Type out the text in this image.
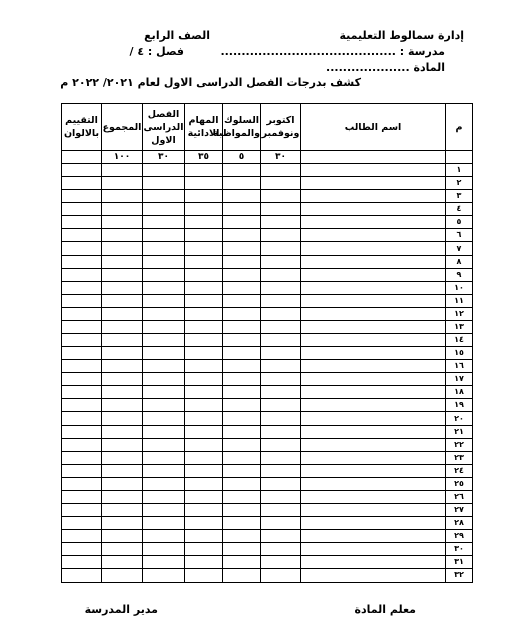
إدارة سمالوط التعليمية
مدرسة : ..........................................
المادة ....................
الصف الرابع
فصل : ٤ /
كشف بدرجات الفصل الدراسى الاول لعام ٢٠٢١/ ٢٠٢٢ م
م	اسم الطالب	اكتوبر ونوفمبر	السلوك والمواظبة	المهام الادائية	الفصل الدراسى الاول	المجموع	التقييم بالالوان
		٣٠	٥	٣٥	٣٠	١٠٠	
١							
٢							
٣							
٤							
٥							
٦							
٧							
٨							
٩							
١٠							
١١							
١٢							
١٣							
١٤							
١٥							
١٦							
١٧							
١٨							
١٩							
٢٠							
٢١							
٢٢							
٢٣							
٢٤							
٢٥							
٢٦							
٢٧							
٢٨							
٢٩							
٣٠							
٣١							
٣٢							
معلم المادة
مدير المدرسة
